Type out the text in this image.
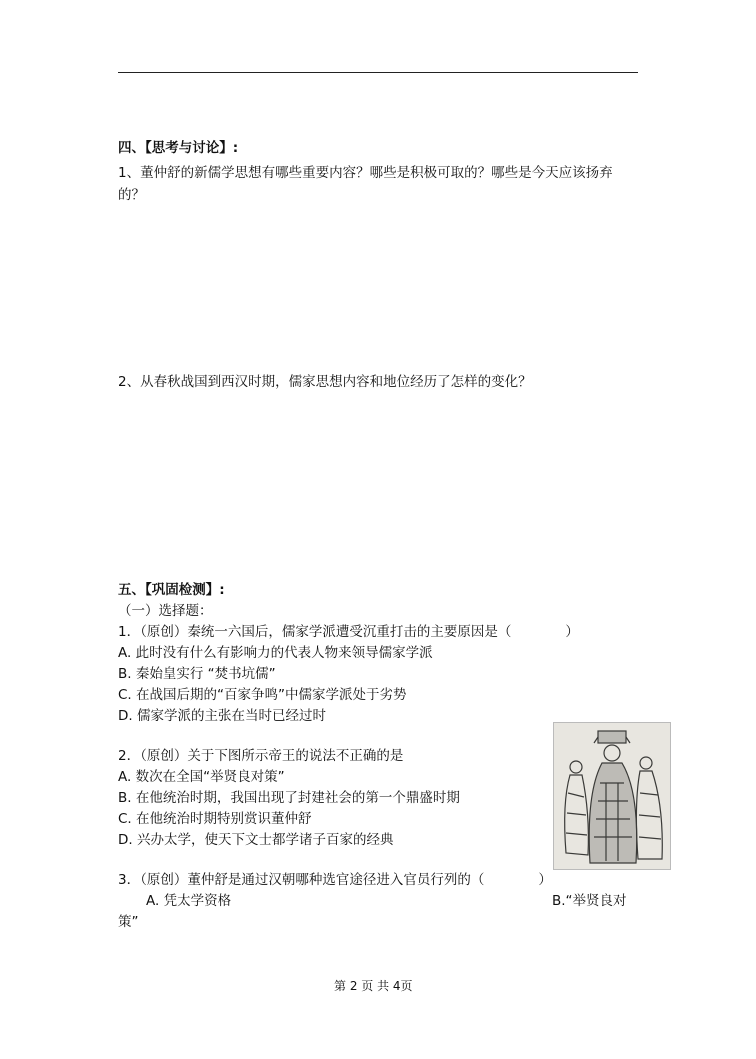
四、【思考与讨论】:
1、董仲舒的新儒学思想有哪些重要内容？哪些是积极可取的？哪些是今天应该扬弃
的？
2、从春秋战国到西汉时期，儒家思想内容和地位经历了怎样的变化？
五、【巩固检测】:
（一）选择题：
1．（原创）秦统一六国后，儒家学派遭受沉重打击的主要原因是（　　　　）
A. 此时没有什么有影响力的代表人物来领导儒家学派
B. 秦始皇实行 “焚书坑儒”
C. 在战国后期的“百家争鸣”中儒家学派处于劣势
D. 儒家学派的主张在当时已经过时
2．（原创）关于下图所示帝王的说法不正确的是
A. 数次在全国“举贤良对策”
B. 在他统治时期，我国出现了封建社会的第一个鼎盛时期
C. 在他统治时期特别赏识董仲舒
D. 兴办太学，使天下文士都学诸子百家的经典
3．（原创）董仲舒是通过汉朝哪种选官途径进入官员行列的（　　　　）
A. 凭太学资格	B.“举贤良对
策”
第 2 页 共 4页
